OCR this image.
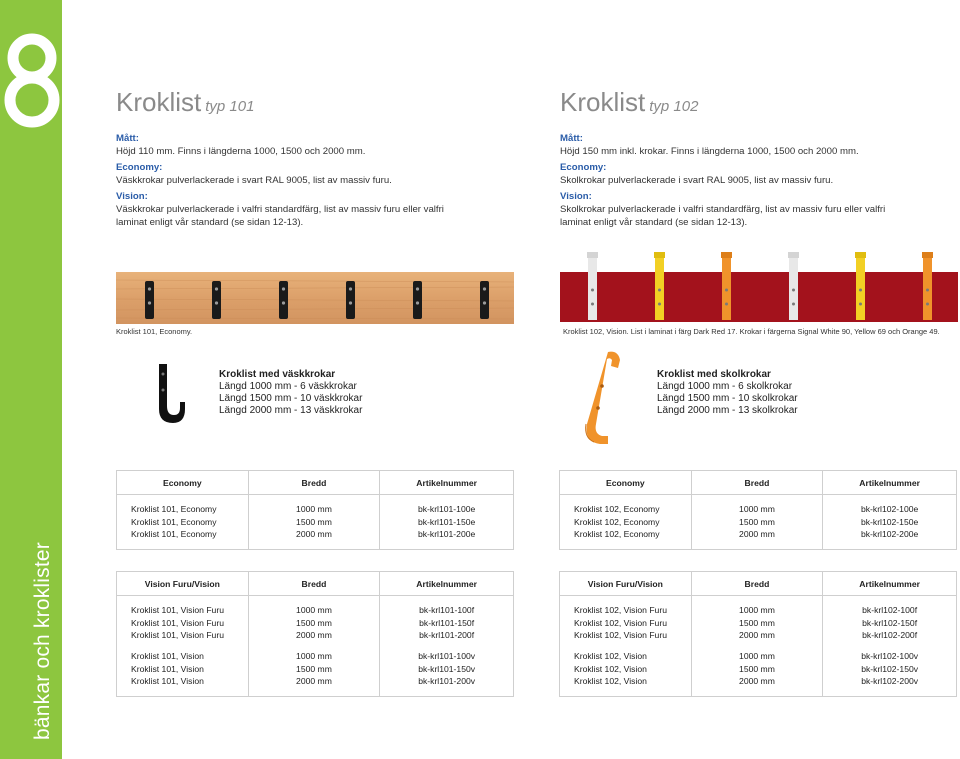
bänkar och kroklister
Kroklist typ 101
Mått:
Höjd 110 mm. Finns i längderna 1000, 1500 och 2000 mm.
Economy:
Väskkrokar pulverlackerade i svart RAL 9005, list av massiv furu.
Vision:
Väskkrokar pulverlackerade i valfri standardfärg, list av massiv furu eller valfri laminat enligt vår standard (se sidan 12-13).
Kroklist typ 102
Mått:
Höjd 150 mm inkl. krokar. Finns i längderna 1000, 1500 och 2000 mm.
Economy:
Skolkrokar pulverlackerade i svart RAL 9005, list av massiv furu.
Vision:
Skolkrokar pulverlackerade i valfri standardfärg, list av massiv furu eller valfri laminat enligt vår standard (se sidan 12-13).
Kroklist 101, Economy.	Kroklist 102, Vision. List i laminat i färg Dark Red 17. Krokar i färgerna Signal White 90, Yellow 69 och Orange 49.
Kroklist med väskkrokar
Längd 1000 mm - 6 väskkrokar
Längd 1500 mm - 10 väskkrokar
Längd 2000 mm - 13 väskkrokar
Kroklist med skolkrokar
Längd 1000 mm - 6 skolkrokar
Längd 1500 mm - 10 skolkrokar
Längd 2000 mm - 13 skolkrokar
Economy	Bredd	Artikelnummer

Kroklist 101, Economy	1000 mm	bk-krl101-100e
Kroklist 101, Economy	1500 mm	bk-krl101-150e
Kroklist 101, Economy	2000 mm	bk-krl101-200e

Economy	Bredd	Artikelnummer

Kroklist 102, Economy	1000 mm	bk-krl102-100e
Kroklist 102, Economy	1500 mm	bk-krl102-150e
Kroklist 102, Economy	2000 mm	bk-krl102-200e

Vision Furu/Vision	Bredd	Artikelnummer

Kroklist 101, Vision Furu	1000 mm	bk-krl101-100f
Kroklist 101, Vision Furu	1500 mm	bk-krl101-150f
Kroklist 101, Vision Furu	2000 mm	bk-krl101-200f

Kroklist 101, Vision	1000 mm	bk-krl101-100v
Kroklist 101, Vision	1500 mm	bk-krl101-150v
Kroklist 101, Vision	2000 mm	bk-krl101-200v

Vision Furu/Vision	Bredd	Artikelnummer

Kroklist 102, Vision Furu	1000 mm	bk-krl102-100f
Kroklist 102, Vision Furu	1500 mm	bk-krl102-150f
Kroklist 102, Vision Furu	2000 mm	bk-krl102-200f

Kroklist 102, Vision	1000 mm	bk-krl102-100v
Kroklist 102, Vision	1500 mm	bk-krl102-150v
Kroklist 102, Vision	2000 mm	bk-krl102-200v
